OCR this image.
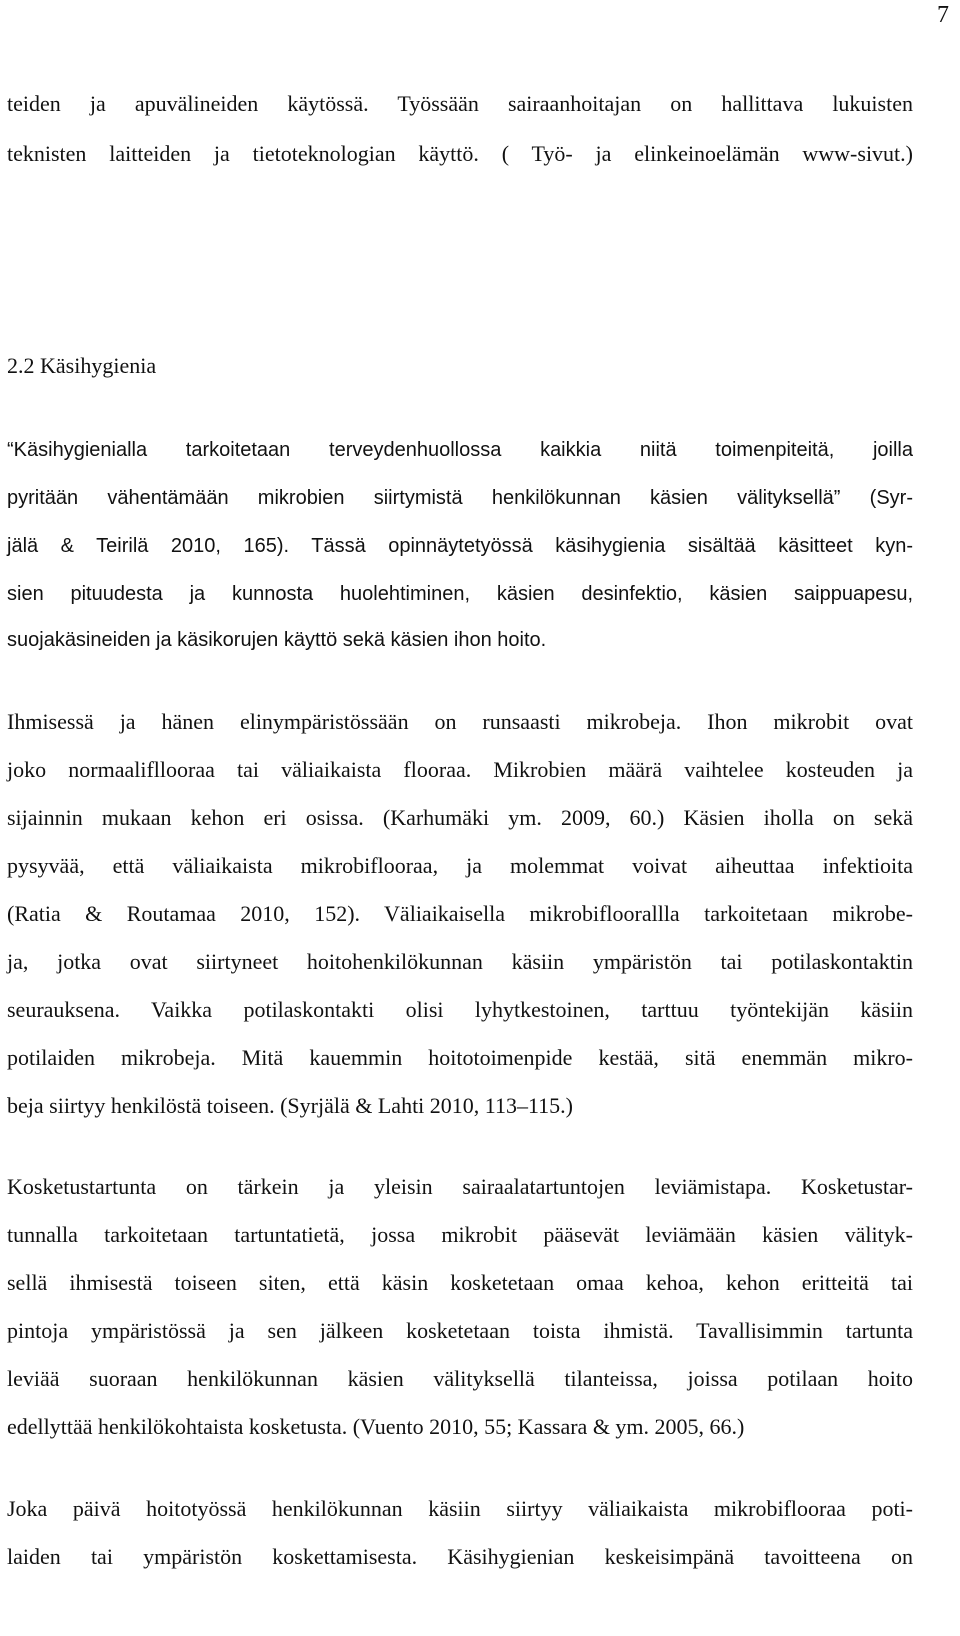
7
teiden ja apuvälineiden käytössä. Työssään sairaanhoitajan on hallittava lukuisten
teknisten laitteiden ja tietoteknologian käyttö. ( Työ- ja elinkeinoelämän www-sivut.)
2.2 Käsihygienia
“Käsihygienialla tarkoitetaan terveydenhuollossa kaikkia niitä toimenpiteitä, joilla
pyritään vähentämään mikrobien siirtymistä henkilökunnan käsien välityksellä” (Syr-
jälä & Teirilä 2010, 165). Tässä opinnäytetyössä käsihygienia sisältää käsitteet kyn-
sien pituudesta ja kunnosta huolehtiminen, käsien desinfektio, käsien saippuapesu,
suojakäsineiden ja käsikorujen käyttö sekä käsien ihon hoito.
Ihmisessä ja hänen elinympäristössään on runsaasti mikrobeja. Ihon mikrobit ovat
joko normaalifllooraa tai väliaikaista flooraa. Mikrobien määrä vaihtelee kosteuden ja
sijainnin mukaan kehon eri osissa. (Karhumäki ym. 2009, 60.) Käsien iholla on sekä
pysyvää, että väliaikaista mikrobiflooraa, ja molemmat voivat aiheuttaa infektioita
(Ratia & Routamaa 2010, 152). Väliaikaisella mikrobifloorallla tarkoitetaan mikrobe-
ja, jotka ovat siirtyneet hoitohenkilökunnan käsiin ympäristön tai potilaskontaktin
seurauksena. Vaikka potilaskontakti olisi lyhytkestoinen, tarttuu työntekijän käsiin
potilaiden mikrobeja. Mitä kauemmin hoitotoimenpide kestää, sitä enemmän mikro-
beja siirtyy henkilöstä toiseen. (Syrjälä & Lahti 2010, 113–115.)
Kosketustartunta on tärkein ja yleisin sairaalatartuntojen leviämistapa. Kosketustar-
tunnalla tarkoitetaan tartuntatietä, jossa mikrobit pääsevät leviämään käsien välityk-
sellä ihmisestä toiseen siten, että käsin kosketetaan omaa kehoa, kehon eritteitä tai
pintoja ympäristössä ja sen jälkeen kosketetaan toista ihmistä. Tavallisimmin tartunta
leviää suoraan henkilökunnan käsien välityksellä tilanteissa, joissa potilaan hoito
edellyttää henkilökohtaista kosketusta. (Vuento 2010, 55; Kassara & ym. 2005, 66.)
Joka päivä hoitotyössä henkilökunnan käsiin siirtyy väliaikaista mikrobiflooraa poti-
laiden tai ympäristön koskettamisesta. Käsihygienian keskeisimpänä tavoitteena on
